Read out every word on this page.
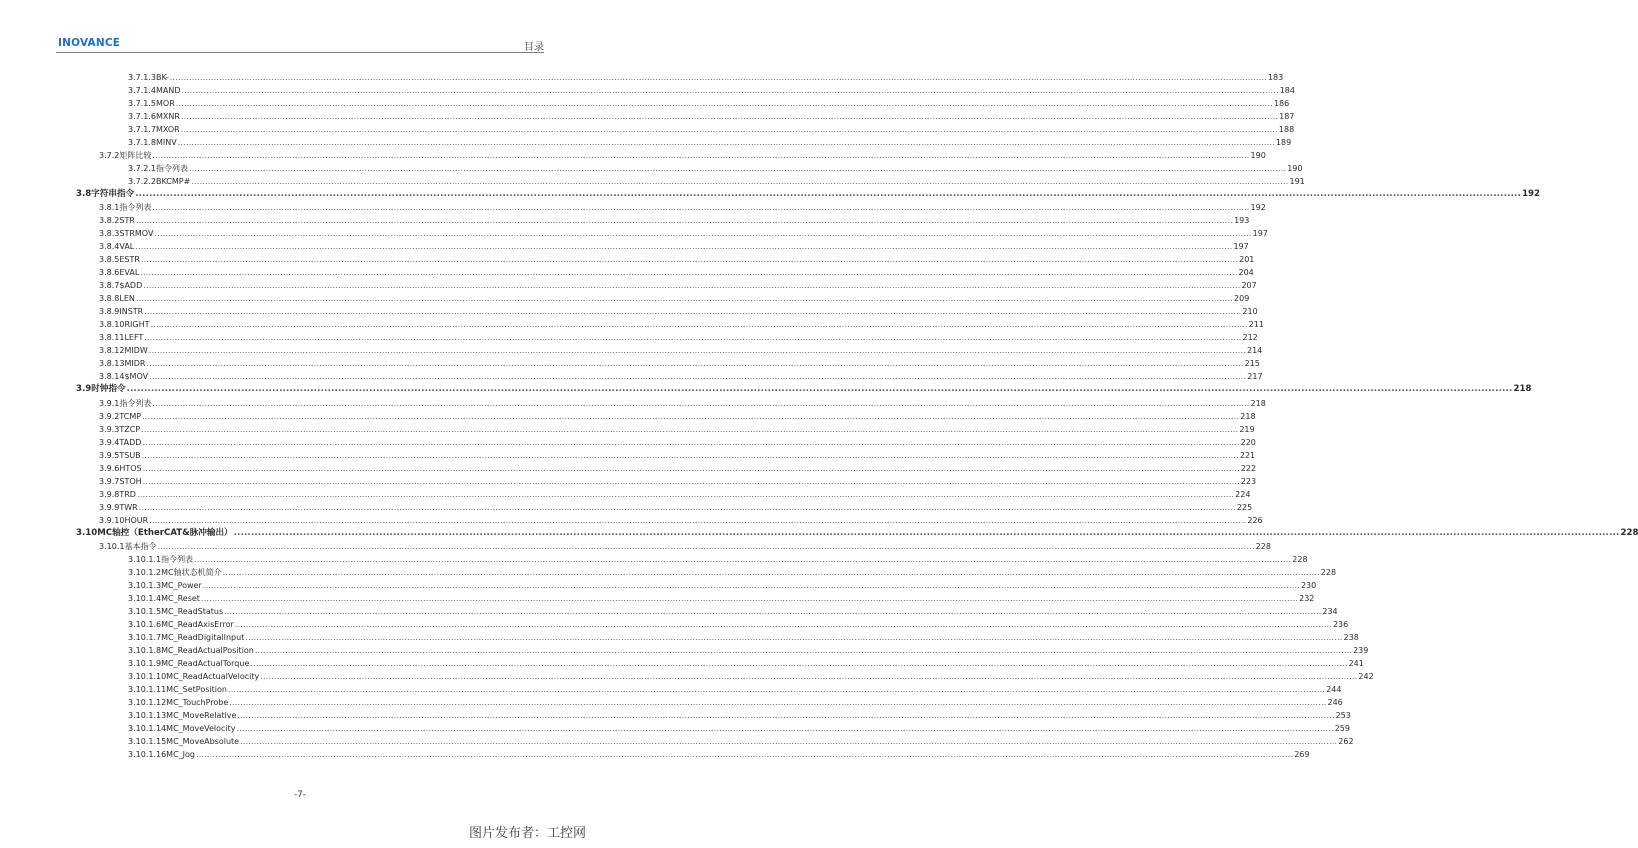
INOVANCE	目录
3.7.1.3 BK- ................................................................................................................................................................................................................................................................................................................................................................................................................ 183
3.7.1.4 MAND ................................................................................................................................................................................................................................................................................................................................................................................................................ 184
3.7.1.5 MOR ................................................................................................................................................................................................................................................................................................................................................................................................................ 186
3.7.1.6 MXNR ................................................................................................................................................................................................................................................................................................................................................................................................................ 187
3.7.1.7 MXOR ................................................................................................................................................................................................................................................................................................................................................................................................................ 188
3.7.1.8 MINV ................................................................................................................................................................................................................................................................................................................................................................................................................ 189
3.7.2 矩阵比较 ................................................................................................................................................................................................................................................................................................................................................................................................................ 190
3.7.2.1 指令列表 ................................................................................................................................................................................................................................................................................................................................................................................................................ 190
3.7.2.2 BKCMP# ................................................................................................................................................................................................................................................................................................................................................................................................................ 191
3.8 字符串指令 ................................................................................................................................................................................................................................................................................................................................................................................................................ 192
3.8.1 指令列表 ................................................................................................................................................................................................................................................................................................................................................................................................................ 192
3.8.2 STR ................................................................................................................................................................................................................................................................................................................................................................................................................ 193
3.8.3 STRMOV ................................................................................................................................................................................................................................................................................................................................................................................................................ 197
3.8.4 VAL ................................................................................................................................................................................................................................................................................................................................................................................................................ 197
3.8.5 ESTR ................................................................................................................................................................................................................................................................................................................................................................................................................ 201
3.8.6 EVAL ................................................................................................................................................................................................................................................................................................................................................................................................................ 204
3.8.7 $ADD ................................................................................................................................................................................................................................................................................................................................................................................................................ 207
3.8.8 LEN ................................................................................................................................................................................................................................................................................................................................................................................................................ 209
3.8.9 INSTR ................................................................................................................................................................................................................................................................................................................................................................................................................ 210
3.8.10 RIGHT ................................................................................................................................................................................................................................................................................................................................................................................................................ 211
3.8.11 LEFT ................................................................................................................................................................................................................................................................................................................................................................................................................ 212
3.8.12 MIDW ................................................................................................................................................................................................................................................................................................................................................................................................................ 214
3.8.13 MIDR ................................................................................................................................................................................................................................................................................................................................................................................................................ 215
3.8.14 $MOV ................................................................................................................................................................................................................................................................................................................................................................................................................ 217
3.9 时钟指令 ................................................................................................................................................................................................................................................................................................................................................................................................................ 218
3.9.1 指令列表 ................................................................................................................................................................................................................................................................................................................................................................................................................ 218
3.9.2 TCMP ................................................................................................................................................................................................................................................................................................................................................................................................................ 218
3.9.3 TZCP ................................................................................................................................................................................................................................................................................................................................................................................................................ 219
3.9.4 TADD ................................................................................................................................................................................................................................................................................................................................................................................................................ 220
3.9.5 TSUB ................................................................................................................................................................................................................................................................................................................................................................................................................ 221
3.9.6 HTOS ................................................................................................................................................................................................................................................................................................................................................................................................................ 222
3.9.7 STOH ................................................................................................................................................................................................................................................................................................................................................................................................................ 223
3.9.8 TRD ................................................................................................................................................................................................................................................................................................................................................................................................................ 224
3.9.9 TWR ................................................................................................................................................................................................................................................................................................................................................................................................................ 225
3.9.10 HOUR ................................................................................................................................................................................................................................................................................................................................................................................................................ 226
3.10 MC轴控（EtherCAT&脉冲输出） ................................................................................................................................................................................................................................................................................................................................................................................................................ 228
3.10.1 基本指令 ................................................................................................................................................................................................................................................................................................................................................................................................................ 228
3.10.1.1 指令列表 ................................................................................................................................................................................................................................................................................................................................................................................................................ 228
3.10.1.2 MC轴状态机简介 ................................................................................................................................................................................................................................................................................................................................................................................................................ 228
3.10.1.3 MC_Power ................................................................................................................................................................................................................................................................................................................................................................................................................ 230
3.10.1.4 MC_Reset ................................................................................................................................................................................................................................................................................................................................................................................................................ 232
3.10.1.5 MC_ReadStatus ................................................................................................................................................................................................................................................................................................................................................................................................................ 234
3.10.1.6 MC_ReadAxisError ................................................................................................................................................................................................................................................................................................................................................................................................................ 236
3.10.1.7 MC_ReadDigitalInput ................................................................................................................................................................................................................................................................................................................................................................................................................ 238
3.10.1.8 MC_ReadActualPosition ................................................................................................................................................................................................................................................................................................................................................................................................................ 239
3.10.1.9 MC_ReadActualTorque ................................................................................................................................................................................................................................................................................................................................................................................................................ 241
3.10.1.10 MC_ReadActualVelocity ................................................................................................................................................................................................................................................................................................................................................................................................................ 242
3.10.1.11 MC_SetPosition ................................................................................................................................................................................................................................................................................................................................................................................................................ 244
3.10.1.12 MC_TouchProbe ................................................................................................................................................................................................................................................................................................................................................................................................................ 246
3.10.1.13 MC_MoveRelative ................................................................................................................................................................................................................................................................................................................................................................................................................ 253
3.10.1.14 MC_MoveVelocity ................................................................................................................................................................................................................................................................................................................................................................................................................ 259
3.10.1.15 MC_MoveAbsolute ................................................................................................................................................................................................................................................................................................................................................................................................................ 262
3.10.1.16 MC_Jog ................................................................................................................................................................................................................................................................................................................................................................................................................ 269
-7-
图片发布者：工控网
